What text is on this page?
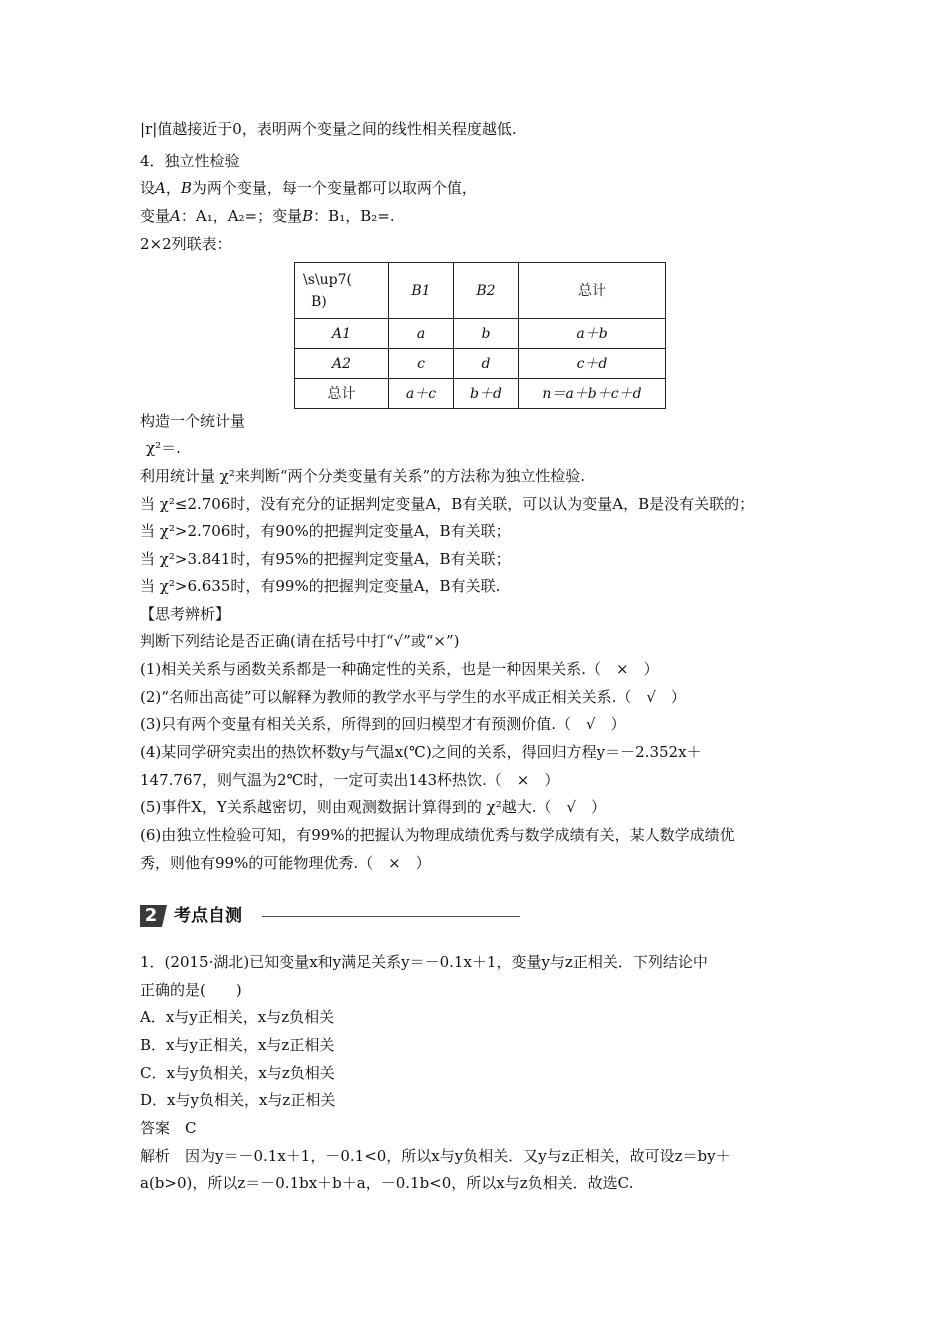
|r|值越接近于0，表明两个变量之间的线性相关程度越低.
4．独立性检验
设A，B为两个变量，每一个变量都可以取两个值，
变量A：A₁，A₂=；变量B：B₁，B₂=.
2×2列联表：
\s\up7(
B)	B1	B2	总计
A1	a	b	a＋b
A2	c	d	c＋d
总计	a＋c	b＋d	n＝a＋b＋c＋d
构造一个统计量
χ²＝.
利用统计量 χ²来判断“两个分类变量有关系”的方法称为独立性检验.
当 χ²≤2.706时，没有充分的证据判定变量A，B有关联，可以认为变量A，B是没有关联的；
当 χ²>2.706时，有90%的把握判定变量A，B有关联；
当 χ²>3.841时，有95%的把握判定变量A，B有关联；
当 χ²>6.635时，有99%的把握判定变量A，B有关联.
【思考辨析】
判断下列结论是否正确(请在括号中打“√”或“×”)
(1)相关关系与函数关系都是一种确定性的关系，也是一种因果关系.（　×　）
(2)“名师出高徒”可以解释为教师的教学水平与学生的水平成正相关关系.（　√　）
(3)只有两个变量有相关关系，所得到的回归模型才有预测价值.（　√　）
(4)某同学研究卖出的热饮杯数y与气温x(℃)之间的关系，得回归方程y＝－2.352x＋
147.767，则气温为2℃时，一定可卖出143杯热饮.（　×　）
(5)事件X，Y关系越密切，则由观测数据计算得到的 χ²越大.（　√　）
(6)由独立性检验可知，有99%的把握认为物理成绩优秀与数学成绩有关，某人数学成绩优
秀，则他有99%的可能物理优秀.（　×　）
2 考点自测
1．(2015·湖北)已知变量x和y满足关系y＝－0.1x＋1，变量y与z正相关．下列结论中
正确的是(　　)
A．x与y正相关，x与z负相关
B．x与y正相关，x与z正相关
C．x与y负相关，x与z负相关
D．x与y负相关，x与z正相关
答案　C
解析　因为y＝－0.1x＋1，－0.1<0，所以x与y负相关．又y与z正相关，故可设z＝by＋
a(b>0)，所以z＝－0.1bx＋b＋a，－0.1b<0，所以x与z负相关．故选C.
